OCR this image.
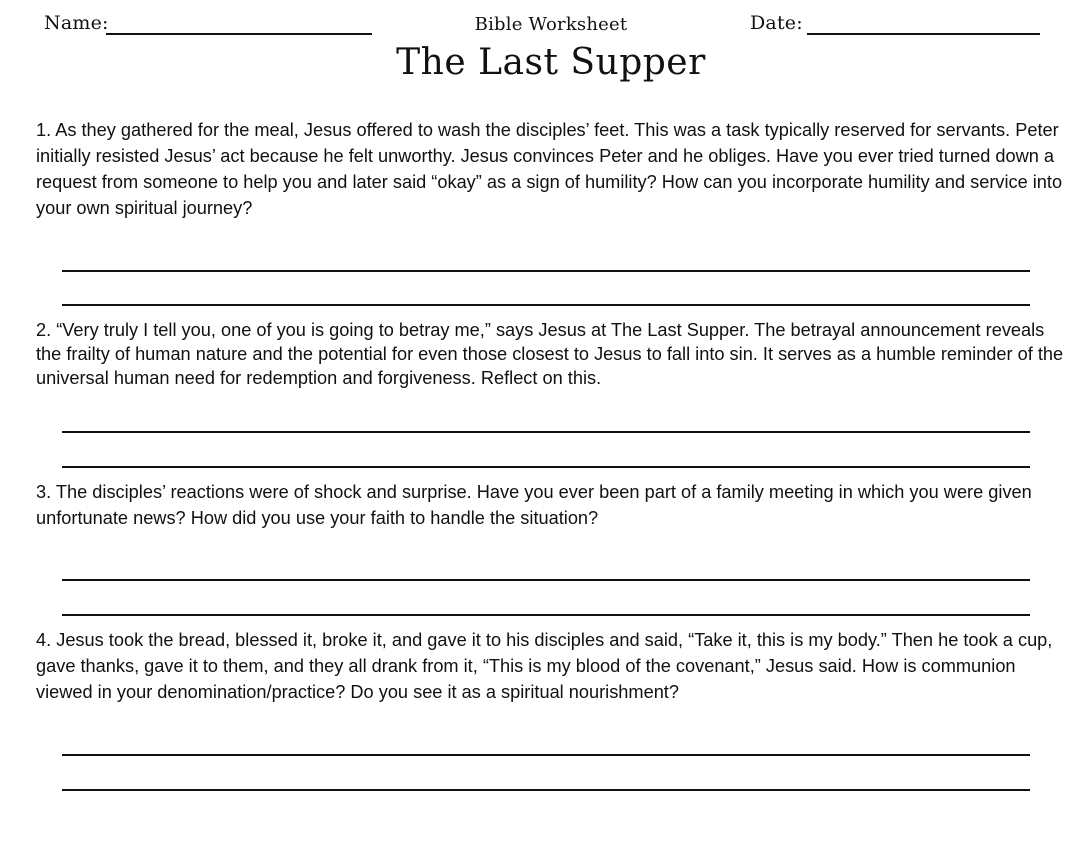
Name:	Bible Worksheet	Date:
The Last Supper

1. As they gathered for the meal, Jesus offered to wash the disciples’ feet. This was a task typically reserved for servants. Peter initially resisted Jesus’ act because he felt unworthy. Jesus convinces Peter and he obliges. Have you ever tried turned down a request from someone to help you and later said “okay” as a sign of humility? How can you incorporate humility and service into your own spiritual journey?

2. “Very truly I tell you, one of you is going to betray me,” says Jesus at The Last Supper. The betrayal announcement reveals the frailty of human nature and the potential for even those closest to Jesus to fall into sin. It serves as a humble reminder of the universal human need for redemption and forgiveness. Reflect on this.

3. The disciples’ reactions were of shock and surprise. Have you ever been part of a family meeting in which you were given unfortunate news? How did you use your faith to handle the situation?

4. Jesus took the bread, blessed it, broke it, and gave it to his disciples and said, “Take it, this is my body.” Then he took a cup, gave thanks, gave it to them, and they all drank from it, “This is my blood of the covenant,” Jesus said. How is communion viewed in your denomination/practice? Do you see it as a spiritual nourishment?
